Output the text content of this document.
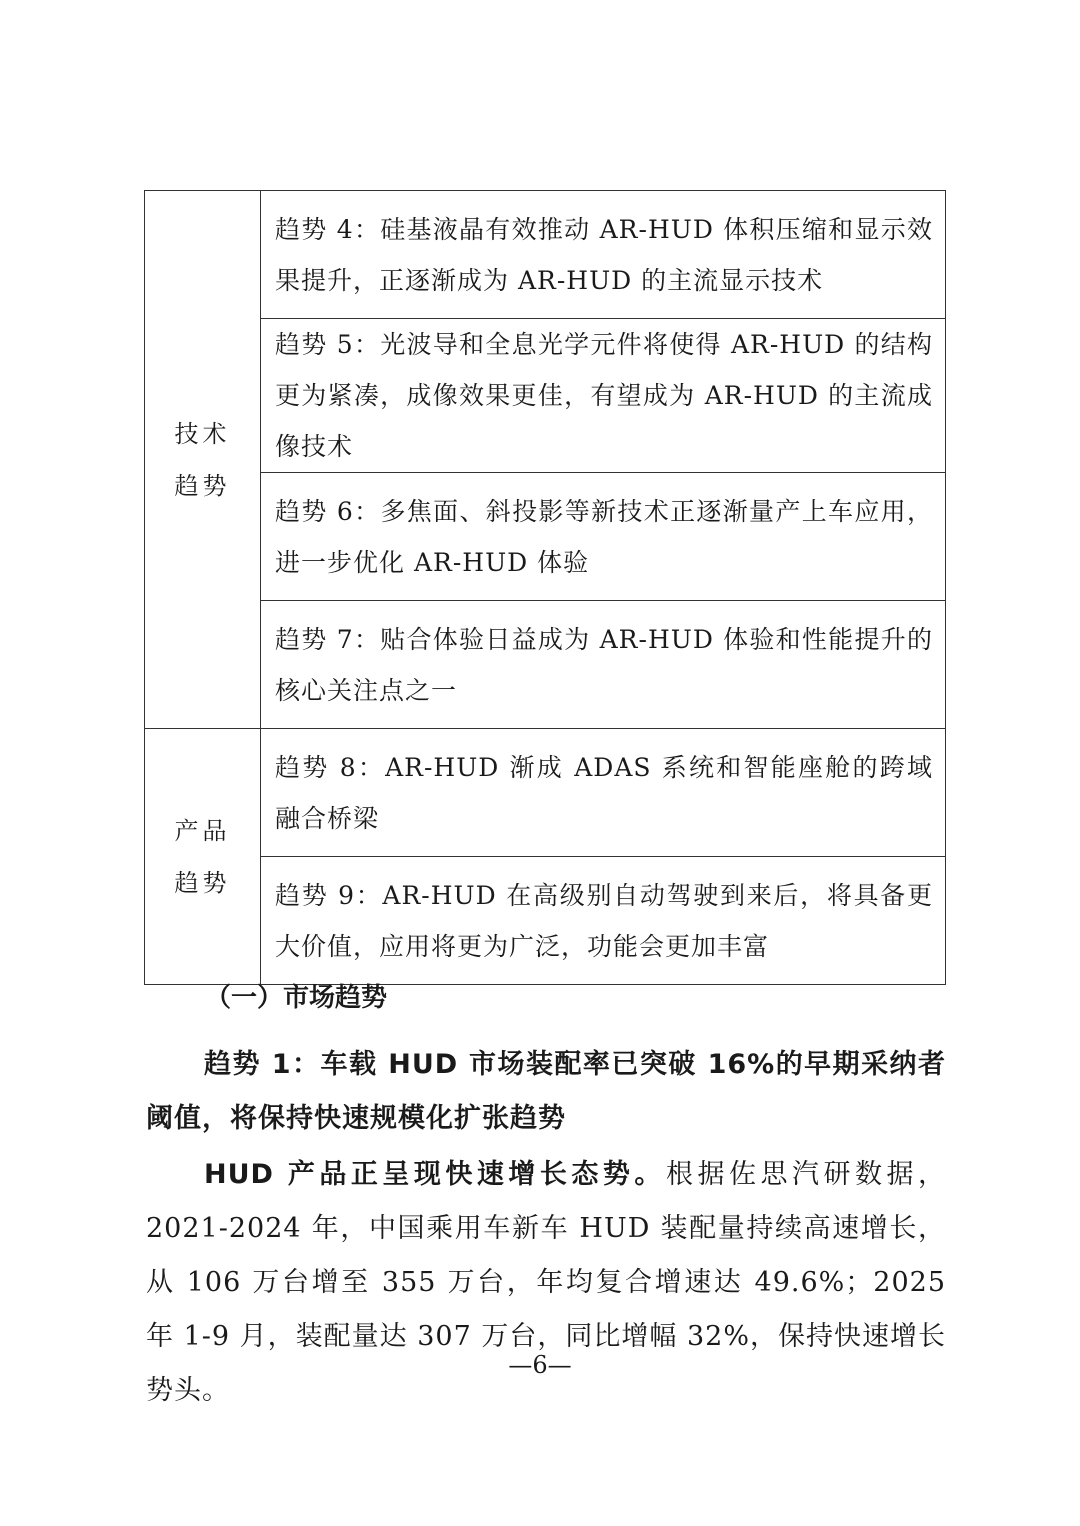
技术
趋势	趋势 4：硅基液晶有效推动 AR-HUD 体积压缩和显示效果提升，正逐渐成为 AR-HUD 的主流显示技术
	趋势 5：光波导和全息光学元件将使得 AR-HUD 的结构更为紧凑，成像效果更佳，有望成为 AR-HUD 的主流成像技术
	趋势 6：多焦面、斜投影等新技术正逐渐量产上车应用，进一步优化 AR-HUD 体验
	趋势 7：贴合体验日益成为 AR-HUD 体验和性能提升的核心关注点之一

产品
趋势	趋势 8：AR-HUD 渐成 ADAS 系统和智能座舱的跨域融合桥梁
	趋势 9：AR-HUD 在高级别自动驾驶到来后，将具备更大价值，应用将更为广泛，功能会更加丰富
（一）市场趋势
趋势 1：车载 HUD 市场装配率已突破 16%的早期采纳者阈值，将保持快速规模化扩张趋势
HUD 产品正呈现快速增长态势。根据佐思汽研数据，2021-2024 年，中国乘用车新车 HUD 装配量持续高速增长，从 106 万台增至 355 万台，年均复合增速达 49.6%；2025 年 1-9 月，装配量达 307 万台，同比增幅 32%，保持快速增长势头。
—6—
